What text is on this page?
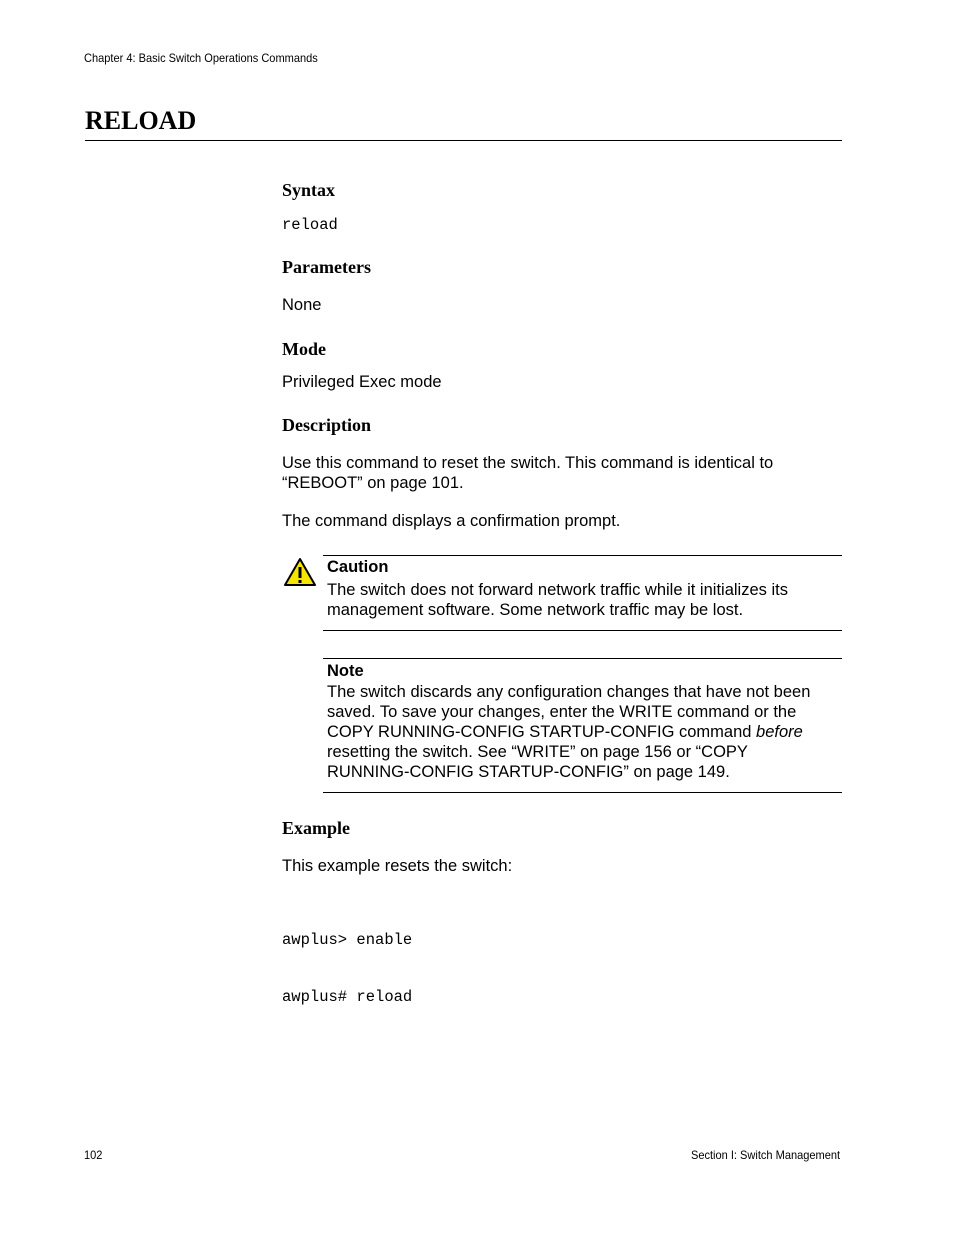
Chapter 4: Basic Switch Operations Commands
RELOAD
Syntax
reload
Parameters
None
Mode
Privileged Exec mode
Description
Use this command to reset the switch. This command is identical to
“REBOOT” on page 101.
The command displays a confirmation prompt.
Caution
The switch does not forward network traffic while it initializes its
management software. Some network traffic may be lost.
Note
The switch discards any configuration changes that have not been
saved. To save your changes, enter the WRITE command or the
COPY RUNNING-CONFIG STARTUP-CONFIG command before
resetting the switch. See “WRITE” on page 156 or “COPY
RUNNING-CONFIG STARTUP-CONFIG” on page 149.
Example
This example resets the switch:

awplus> enable

awplus# reload

102	Section I: Switch Management
